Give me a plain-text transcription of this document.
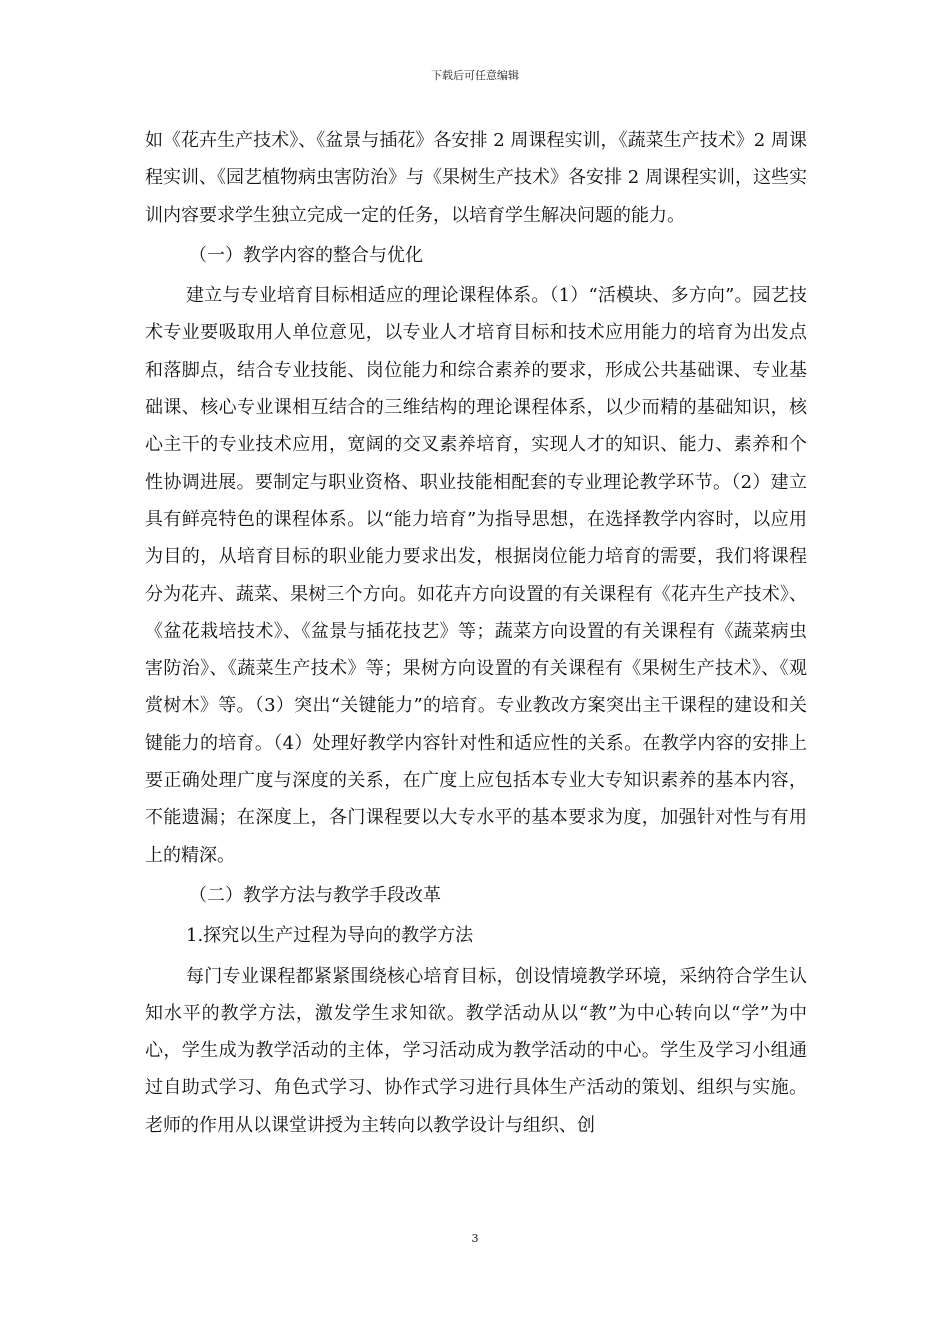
下载后可任意编辑

如《花卉生产技术》、《盆景与插花》各安排 2 周课程实训，《蔬菜生产技术》2 周课程实训、《园艺植物病虫害防治》与《果树生产技术》各安排 2 周课程实训，这些实训内容要求学生独立完成一定的任务，以培育学生解决问题的能力。

（一）教学内容的整合与优化

建立与专业培育目标相适应的理论课程体系。（1）“活模块、多方向”。园艺技术专业要吸取用人单位意见，以专业人才培育目标和技术应用能力的培育为出发点和落脚点，结合专业技能、岗位能力和综合素养的要求，形成公共基础课、专业基础课、核心专业课相互结合的三维结构的理论课程体系，以少而精的基础知识，核心主干的专业技术应用，宽阔的交叉素养培育，实现人才的知识、能力、素养和个性协调进展。要制定与职业资格、职业技能相配套的专业理论教学环节。（2）建立具有鲜亮特色的课程体系。以“能力培育”为指导思想，在选择教学内容时，以应用为目的，从培育目标的职业能力要求出发，根据岗位能力培育的需要，我们将课程分为花卉、蔬菜、果树三个方向。如花卉方向设置的有关课程有《花卉生产技术》、《盆花栽培技术》、《盆景与插花技艺》等；蔬菜方向设置的有关课程有《蔬菜病虫害防治》、《蔬菜生产技术》等；果树方向设置的有关课程有《果树生产技术》、《观赏树木》等。（3）突出“关键能力”的培育。专业教改方案突出主干课程的建设和关键能力的培育。（4）处理好教学内容针对性和适应性的关系。在教学内容的安排上要正确处理广度与深度的关系，在广度上应包括本专业大专知识素养的基本内容，不能遗漏；在深度上，各门课程要以大专水平的基本要求为度，加强针对性与有用上的精深。

（二）教学方法与教学手段改革

1.探究以生产过程为导向的教学方法

每门专业课程都紧紧围绕核心培育目标，创设情境教学环境，采纳符合学生认知水平的教学方法，激发学生求知欲。教学活动从以“教”为中心转向以“学”为中心，学生成为教学活动的主体，学习活动成为教学活动的中心。学生及学习小组通过自助式学习、角色式学习、协作式学习进行具体生产活动的策划、组织与实施。老师的作用从以课堂讲授为主转向以教学设计与组织、创

3
